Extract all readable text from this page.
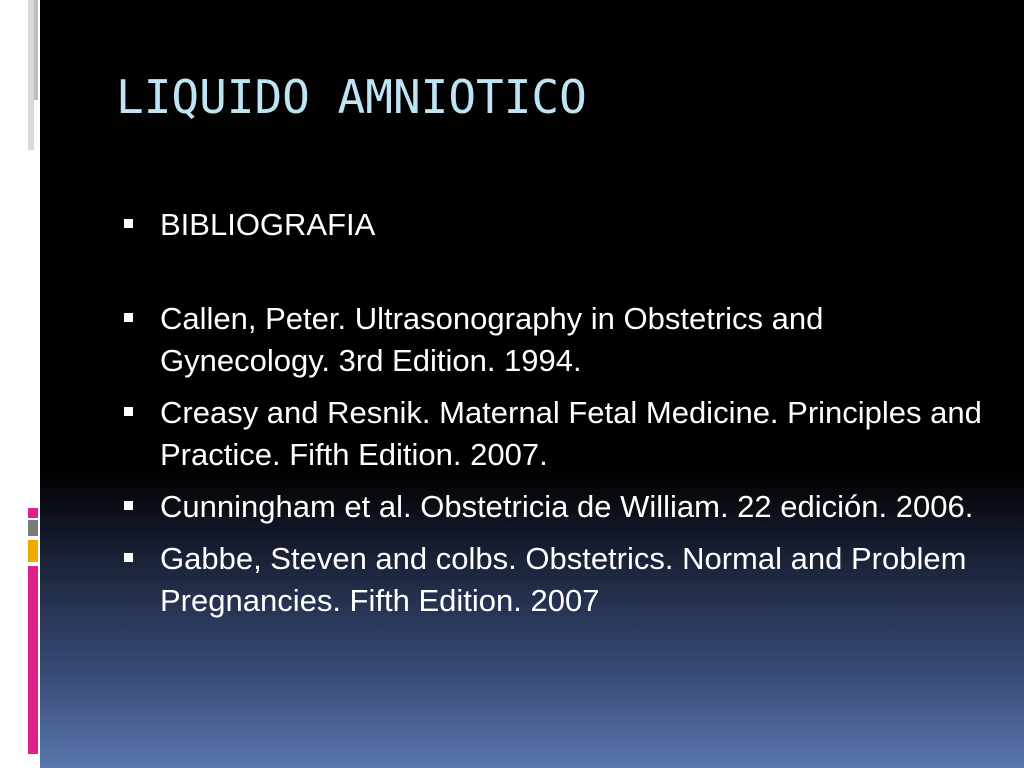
LIQUIDO AMNIOTICO
BIBLIOGRAFIA
Callen, Peter. Ultrasonography in Obstetrics and Gynecology. 3rd Edition. 1994.
Creasy and Resnik. Maternal Fetal Medicine. Principles and Practice. Fifth Edition. 2007.
Cunningham et al. Obstetricia de William. 22 edición. 2006.
Gabbe, Steven and colbs. Obstetrics. Normal and Problem Pregnancies. Fifth Edition. 2007
